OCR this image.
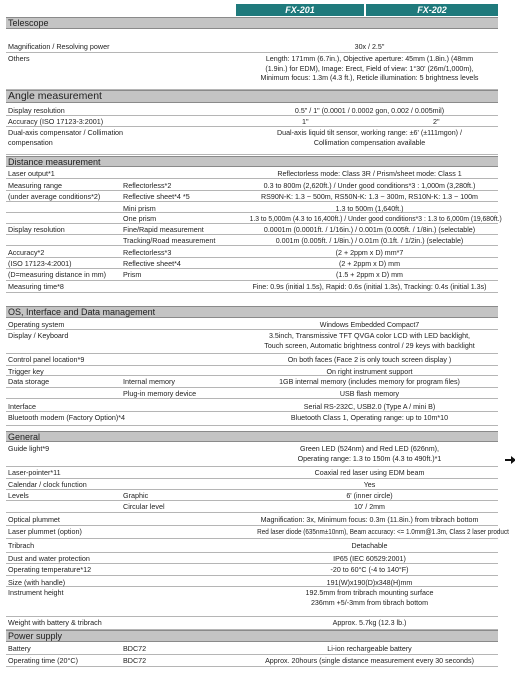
FX-201	FX-202
Telescope
Angle measurement
Distance measurement
OS, Interface and Data management
General
Power supply
Magnification / Resolving power	30x / 2.5"
Others	Length: 171mm (6.7in.), Objective aperture: 45mm (1.8in.) (48mm
(1.9in.) for EDM), Image: Erect, Field of view: 1°30' (26m/1,000m),
Minimum focus: 1.3m (4.3 ft.), Reticle illumination: 5 brightness levels
Display resolution	0.5" / 1" (0.0001 / 0.0002 gon, 0.002 / 0.005mil)
Accuracy (ISO 17123-3:2001)	1"	2"
Dual-axis compensator / Collimation compensation
Dual-axis liquid tilt sensor, working range: ±6' (±111mgon) /
Collimation compensation available
Laser output*1	Reflectorless mode: Class 3R / Prism/sheet mode: Class 1
Measuring range	Reflectorless*2	0.3 to 800m (2,620ft.) / Under good conditions*3 : 1,000m (3,280ft.)
(under average conditions*2)	Reflective sheet*4 *5	RS90N-K: 1.3 ~ 500m, RS50N-K: 1.3 ~ 300m, RS10N-K: 1.3 ~ 100m
Mini prism	1.3 to 500m (1,640ft.)
One prism	1.3 to 5,000m (4.3 to 16,400ft.) / Under good conditions*3 : 1.3 to 6,000m (19,680ft.)
Display resolution	Fine/Rapid measurement	0.0001m (0.0001ft. / 1/16in.) / 0.001m (0.005ft. / 1/8in.) (selectable)
Tracking/Road measurement	0.001m (0.005ft. / 1/8in.) / 0.01m (0.1ft. / 1/2in.) (selectable)
Accuracy*2	Reflectorless*3	(2 + 2ppm x D) mm*7
(ISO 17123-4:2001)	Reflective sheet*4	(2 + 2ppm x D) mm
(D=measuring distance in mm)	Prism	(1.5 + 2ppm x D) mm
Measuring time*8	Fine: 0.9s (initial 1.5s), Rapid: 0.6s (initial 1.3s), Tracking: 0.4s (initial 1.3s)
Operating system	Windows Embedded Compact7
Display / Keyboard	3.5inch, Transmissive TFT QVGA color LCD with LED backlight,
Touch screen, Automatic brightness control / 29 keys with backlight
Control panel location*9	On both faces (Face 2 is only touch screen display )
Trigger key	On right instrument support
Data storage	Internal memory	1GB internal memory (includes memory for program files)
Plug-in memory device	USB flash memory
Interface	Serial RS-232C, USB2.0 (Type A / mini B)
Bluetooth modem (Factory Option)*4	Bluetooth Class 1, Operating range: up to 10m*10
Guide light*9	Green LED (524nm) and Red LED (626nm),
Operating range: 1.3 to 150m (4.3 to 490ft.)*1
Laser-pointer*11	Coaxial red laser using EDM beam
Calendar / clock function	Yes
Levels	Graphic	6' (inner circle)
Circular level	10' / 2mm
Optical plummet	Magnification: 3x, Minimum focus: 0.3m (11.8in.) from tribrach bottom
Laser plummet (option)	Red laser diode (635nm±10nm), Beam accuracy: <= 1.0mm@1.3m, Class 2 laser product
Tribrach	Detachable
Dust and water protection	IP65 (IEC 60529:2001)
Operating temperature*12	-20 to 60°C (-4 to 140°F)
Size (with handle)	191(W)x190(D)x348(H)mm
Instrument height	192.5mm from tribrach mounting surface
236mm +5/-3mm from tibrach bottom
Weight with battery & tribrach	Approx. 5.7kg (12.3 lb.)
Battery	BDC72	Li-ion rechargeable battery
Operating time (20°C)	BDC72	Approx. 20hours (single distance measurement every 30 seconds)
